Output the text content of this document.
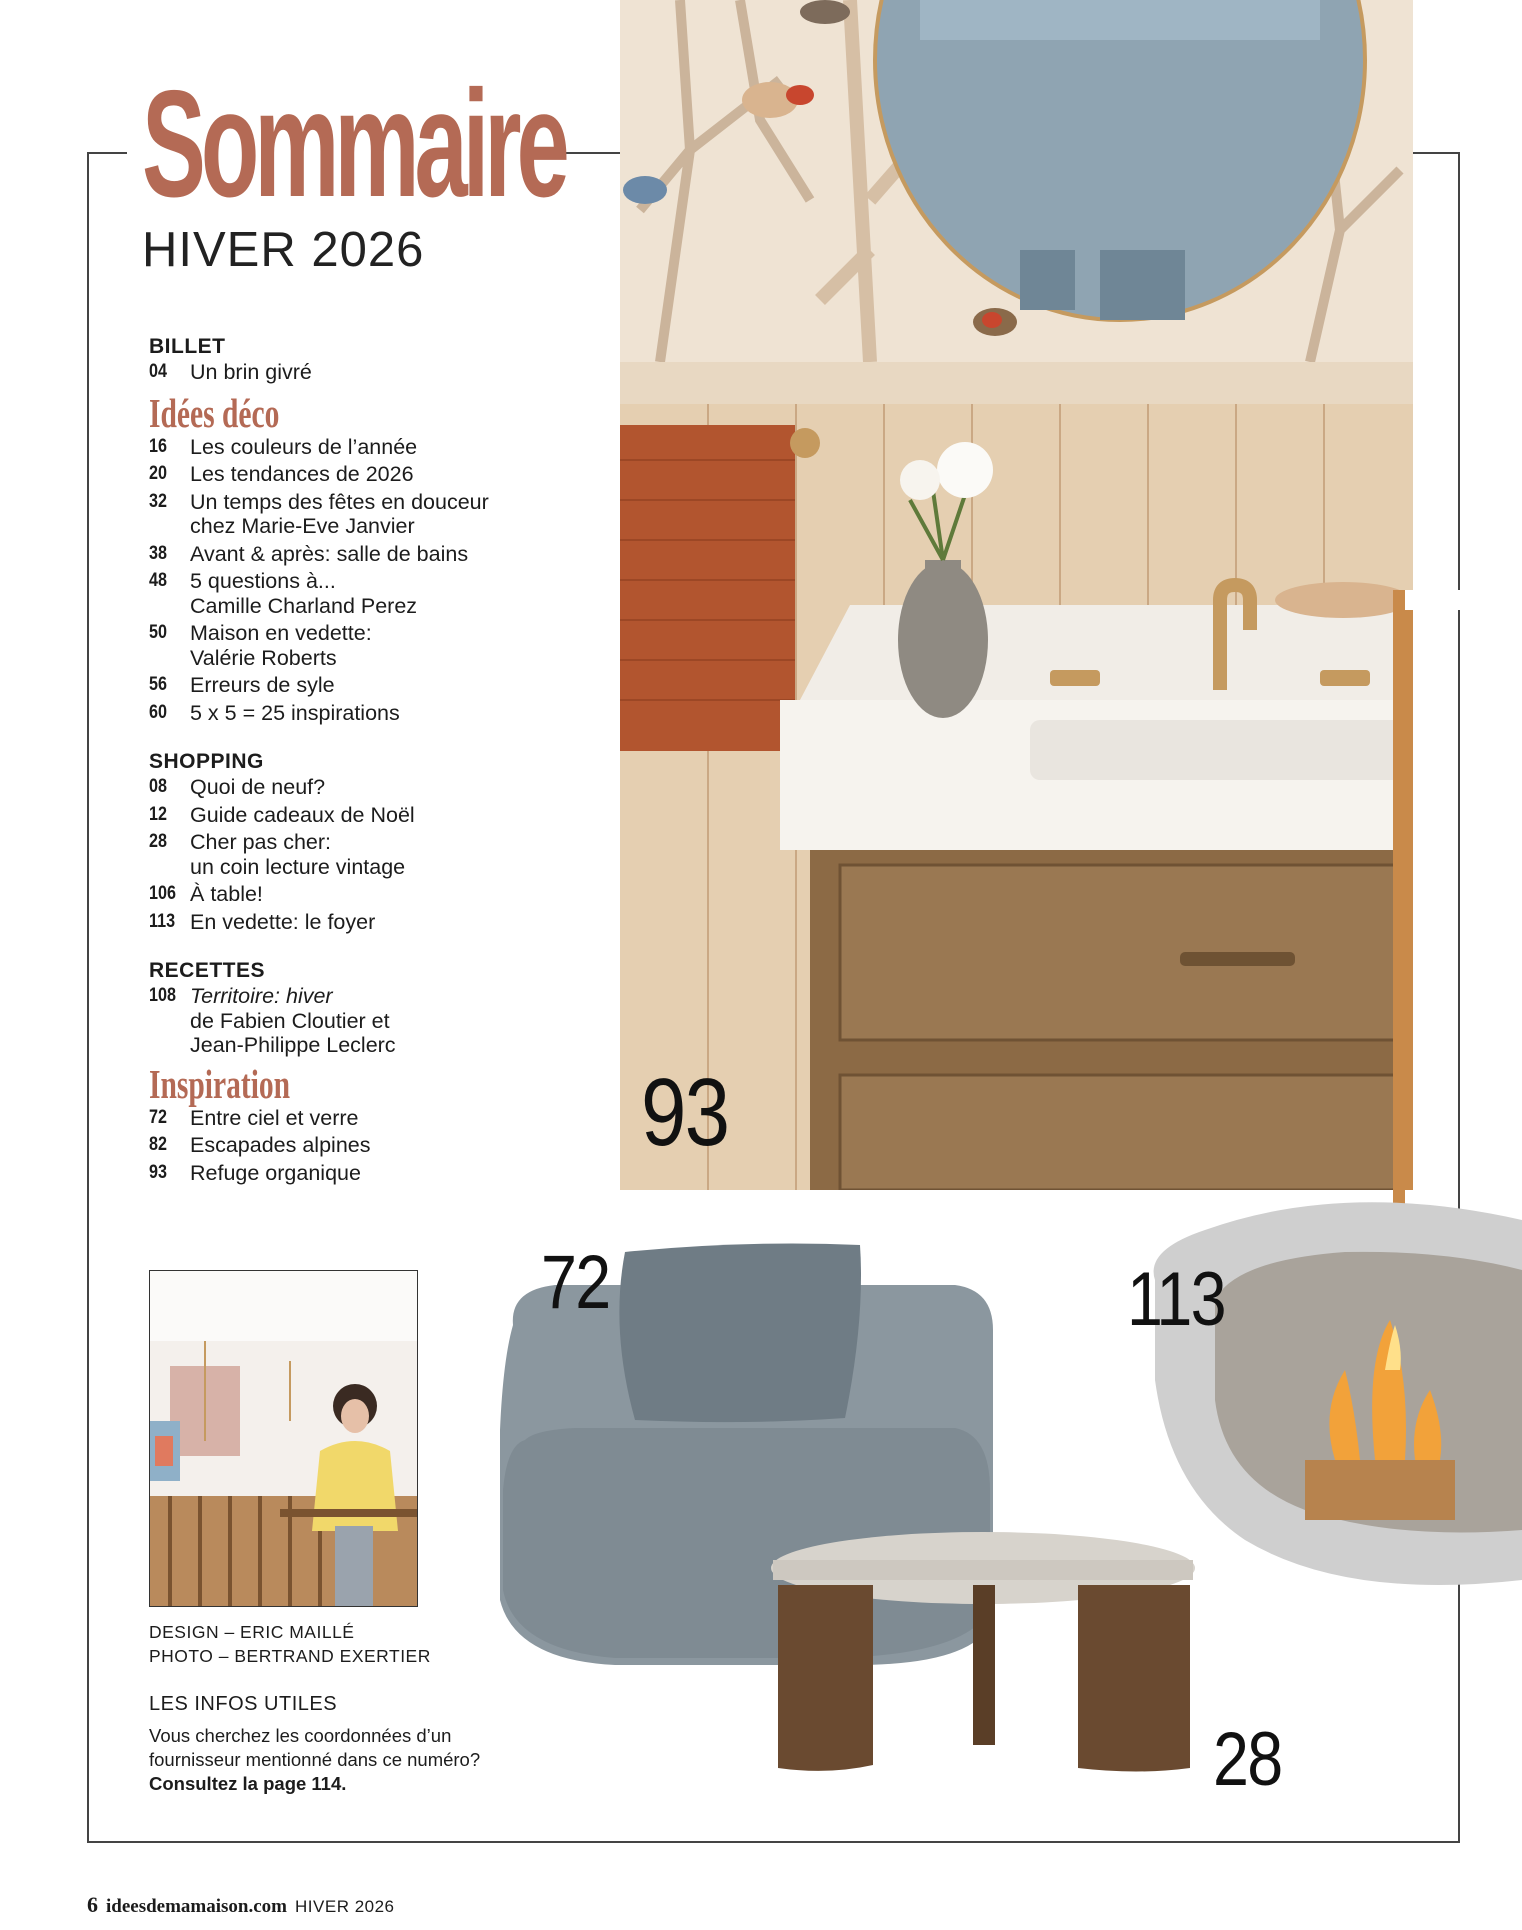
Sommaire
HIVER 2026
BILLET
04	Un brin givré
Idées déco
16	Les couleurs de l’année
20	Les tendances de 2026
32	Un temps des fêtes en douceur
chez Marie-Eve Janvier
38	Avant & après: salle de bains
48	5 questions à...
Camille Charland Perez
50	Maison en vedette:
Valérie Roberts
56	Erreurs de syle
60	5 x 5 = 25 inspirations
SHOPPING
08	Quoi de neuf?
12	Guide cadeaux de Noël
28	Cher pas cher:
un coin lecture vintage
106 À table!
113 En vedette: le foyer
RECETTES
108 Territoire: hiver
de Fabien Cloutier et
Jean-Philippe Leclerc
Inspiration
72	Entre ciel et verre
82	Escapades alpines
93	Refuge organique
DESIGN – ERIC MAILLÉ
PHOTO – BERTRAND EXERTIER
LES INFOS UTILES
Vous cherchez les coordonnées d’un
fournisseur mentionné dans ce numéro?
Consultez la page 114.
93
72	113
28
6 ideesdemamaison.com HIVER 2026
